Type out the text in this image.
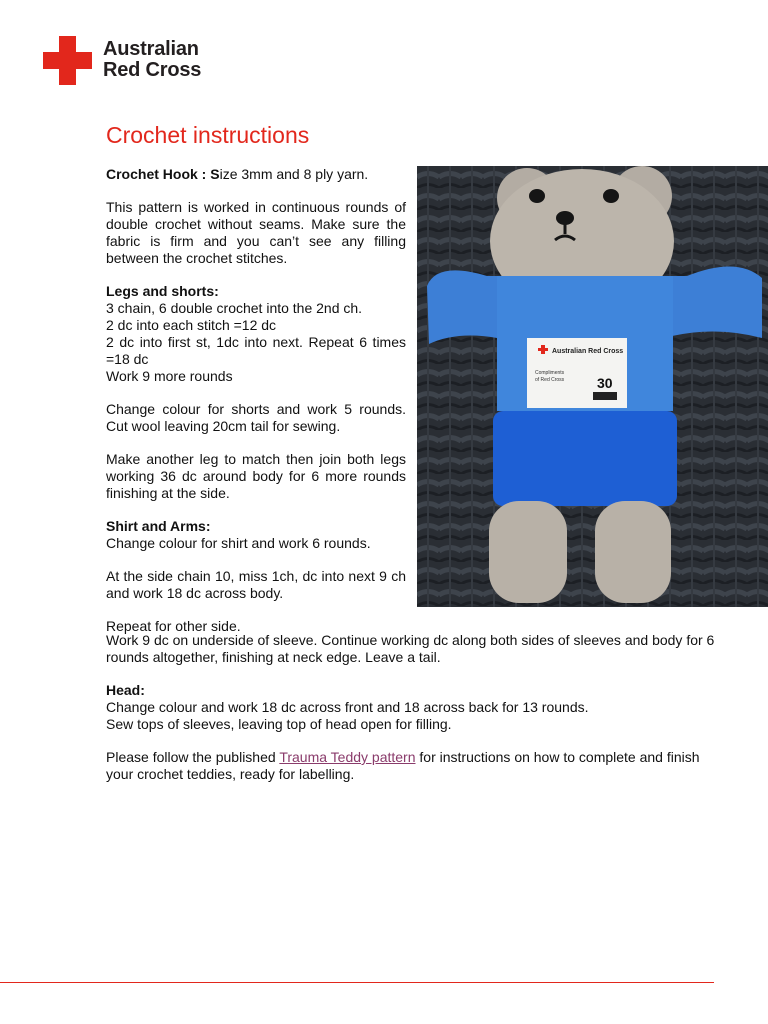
Australian
Red Cross
Crochet instructions

Crochet Hook : Size 3mm and 8 ply yarn.

This pattern is worked in continuous rounds of double crochet without seams. Make sure the fabric is firm and you can’t see any filling between the crochet stitches.

Legs and shorts:
3 chain, 6 double crochet into the 2nd ch.
2 dc into each stitch =12 dc
2 dc into first st, 1dc into next. Repeat 6 times =18 dc
Work 9 more rounds

Change colour for shorts and work 5 rounds. Cut wool leaving 20cm tail for sewing.

Make another leg to match then join both legs working 36 dc around body for 6 more rounds finishing at the side.

Shirt and Arms:
Change colour for shirt and work 6 rounds.

At the side chain 10, miss 1ch, dc into next 9 ch and work 18 dc across body.

Repeat for other side.

Australian Red Cross
Compliments
of Red Cross 30

Work 9 dc on underside of sleeve. Continue working dc along both sides of sleeves and body for 6 rounds altogether, finishing at neck edge. Leave a tail.

Head:
Change colour and work 18 dc across front and 18 across back for 13 rounds.
Sew tops of sleeves, leaving top of head open for filling.

Please follow the published Trauma Teddy pattern for instructions on how to complete and finish your crochet teddies, ready for labelling.
